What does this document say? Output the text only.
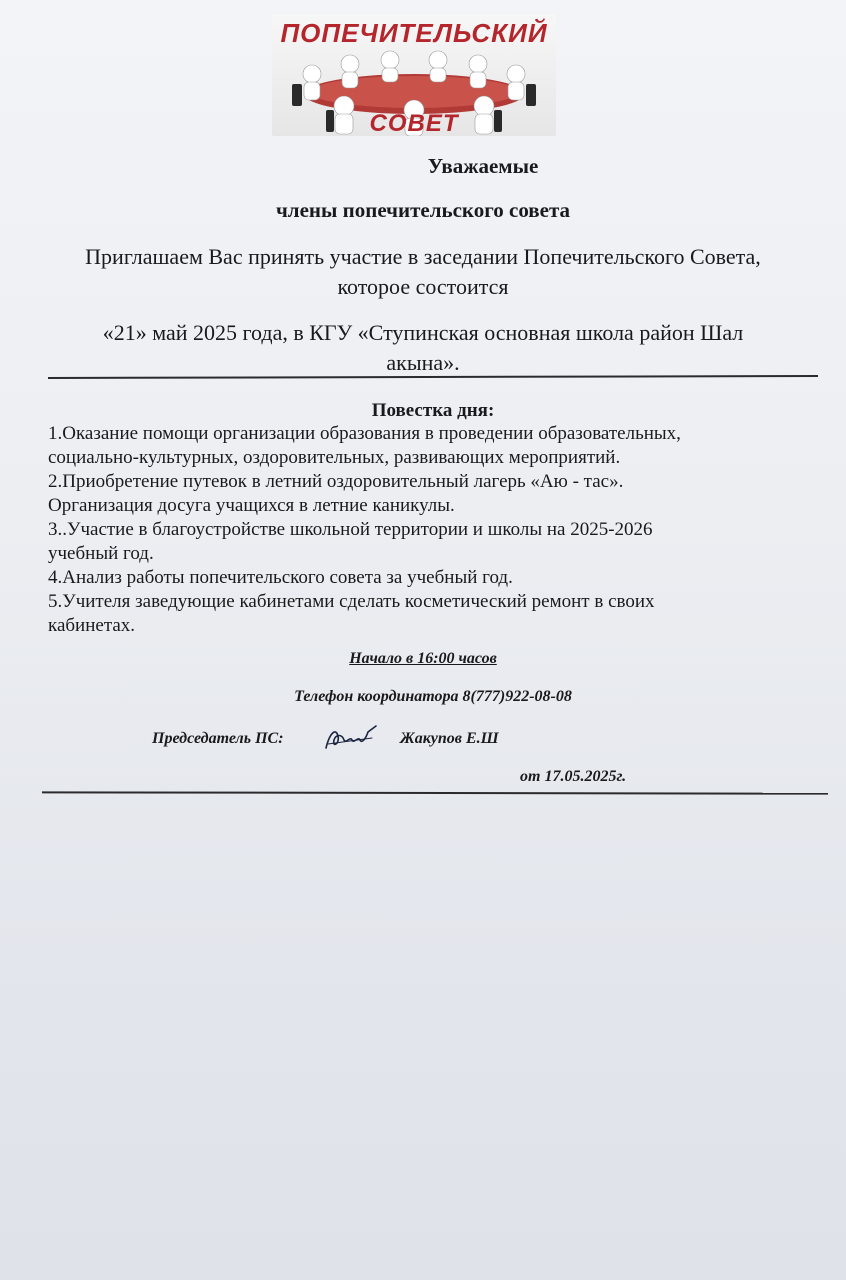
ПОПЕЧИТЕЛЬСКИЙ
СОВЕТ
Уважаемые
члены попечительского совета
Приглашаем Вас принять участие в заседании Попечительского Совета,
которое состоится
«21» май 2025 года, в КГУ «Ступинская основная школа район Шал
акына».
Повестка дня:
1.Оказание помощи организации образования в проведении образовательных,
социально-культурных, оздоровительных, развивающих мероприятий.
2.Приобретение путевок в летний оздоровительный лагерь «Аю - тас».
Организация досуга учащихся в летние каникулы.
3..Участие в благоустройстве школьной территории и школы на 2025-2026
учебный год.
4.Анализ работы попечительского совета за учебный год.
5.Учителя заведующие кабинетами сделать косметический ремонт в своих
кабинетах.
Начало в 16:00 часов
Телефон координатора 8(777)922-08-08
Председатель ПС:	Жакупов Е.Ш
от 17.05.2025г.
